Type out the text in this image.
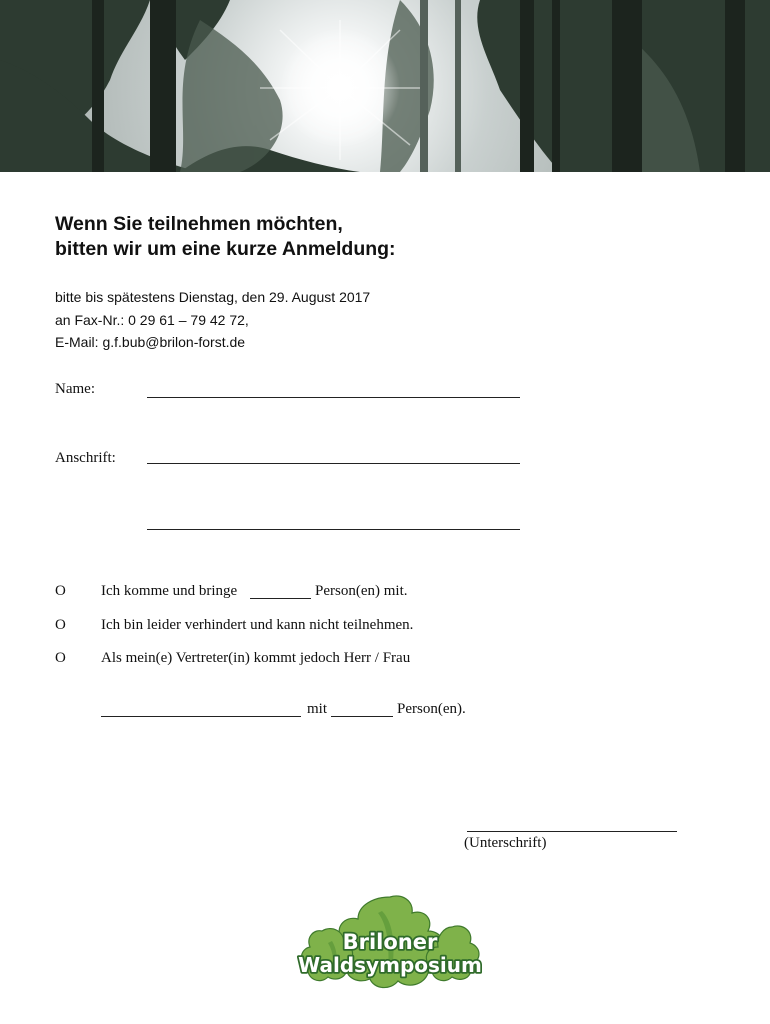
Wenn Sie teilnehmen möchten,
bitten wir um eine kurze Anmeldung:
bitte bis spätestens Dienstag, den 29. August 2017
an Fax-Nr.: 0 29 61 – 79 42 72,
E-Mail: g.f.bub@brilon-forst.de
Name:
Anschrift:
O Ich komme und bringe	Person(en) mit.
O Ich bin leider verhindert und kann nicht teilnehmen.
O Als mein(e) Vertreter(in) kommt jedoch Herr / Frau
mit	Person(en).
(Unterschrift)
Briloner
Waldsymposium
